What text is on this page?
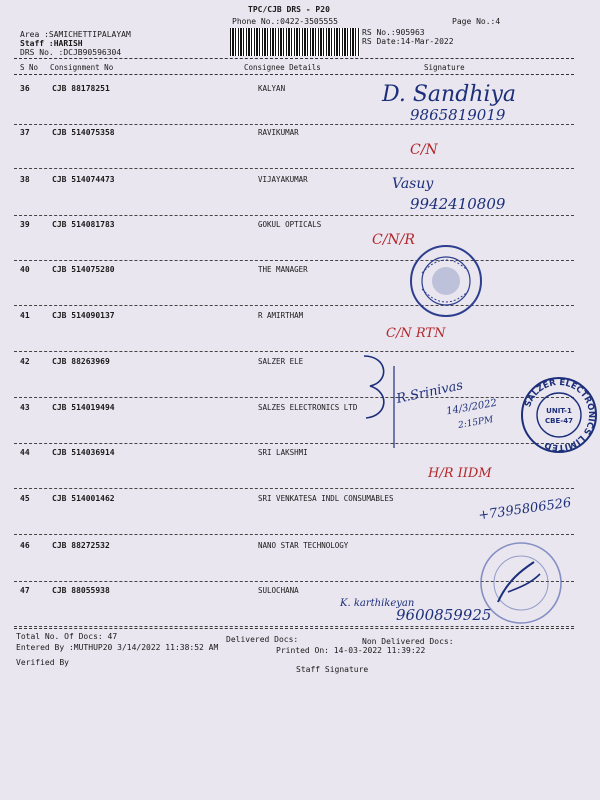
TPC/CJB DRS - P20
Phone No.:0422-3505555	Page No.:4
Area :SAMICHETTIPALAYAM
Staff :HARISH
DRS No. :DCJB90596304
RS No.:905963
RS Date:14-Mar-2022
S No Consignment No	Consignee Details	Signature
36	CJB 88178251	KALYAN
37	CJB 514075358	RAVIKUMAR
38	CJB 514074473	VIJAYAKUMAR
39	CJB 514081783	GOKUL OPTICALS
40	CJB 514075280	THE MANAGER
41	CJB 514090137	R AMIRTHAM
42	CJB 88263969	SALZER ELE
43	CJB 514019494	SALZES ELECTRONICS LTD
44	CJB 514036914	SRI LAKSHMI
45	CJB 514001462	SRI VENKATESA INDL CONSUMABLES
46	CJB 88272532	NANO STAR TECHNOLOGY
47	CJB 88055938	SULOCHANA
D. Sandhiya
9865819019
C/N
Vasuy
9942410809
C/N/R
C/N RTN
R.Srinivas
14/3/2022
2:15PM
H/R IIDM
+7395806526
K. karthikeyan
9600859925
SALZER ELECTRONICS LIMITED
UNIT-1
CBE-47
Total No. Of Docs: 47	Delivered Docs:	Non Delivered Docs:
Entered By :MUTHUP20 3/14/2022 11:38:52 AM	Printed On: 14-03-2022 11:39:22
Verified By
Staff Signature
